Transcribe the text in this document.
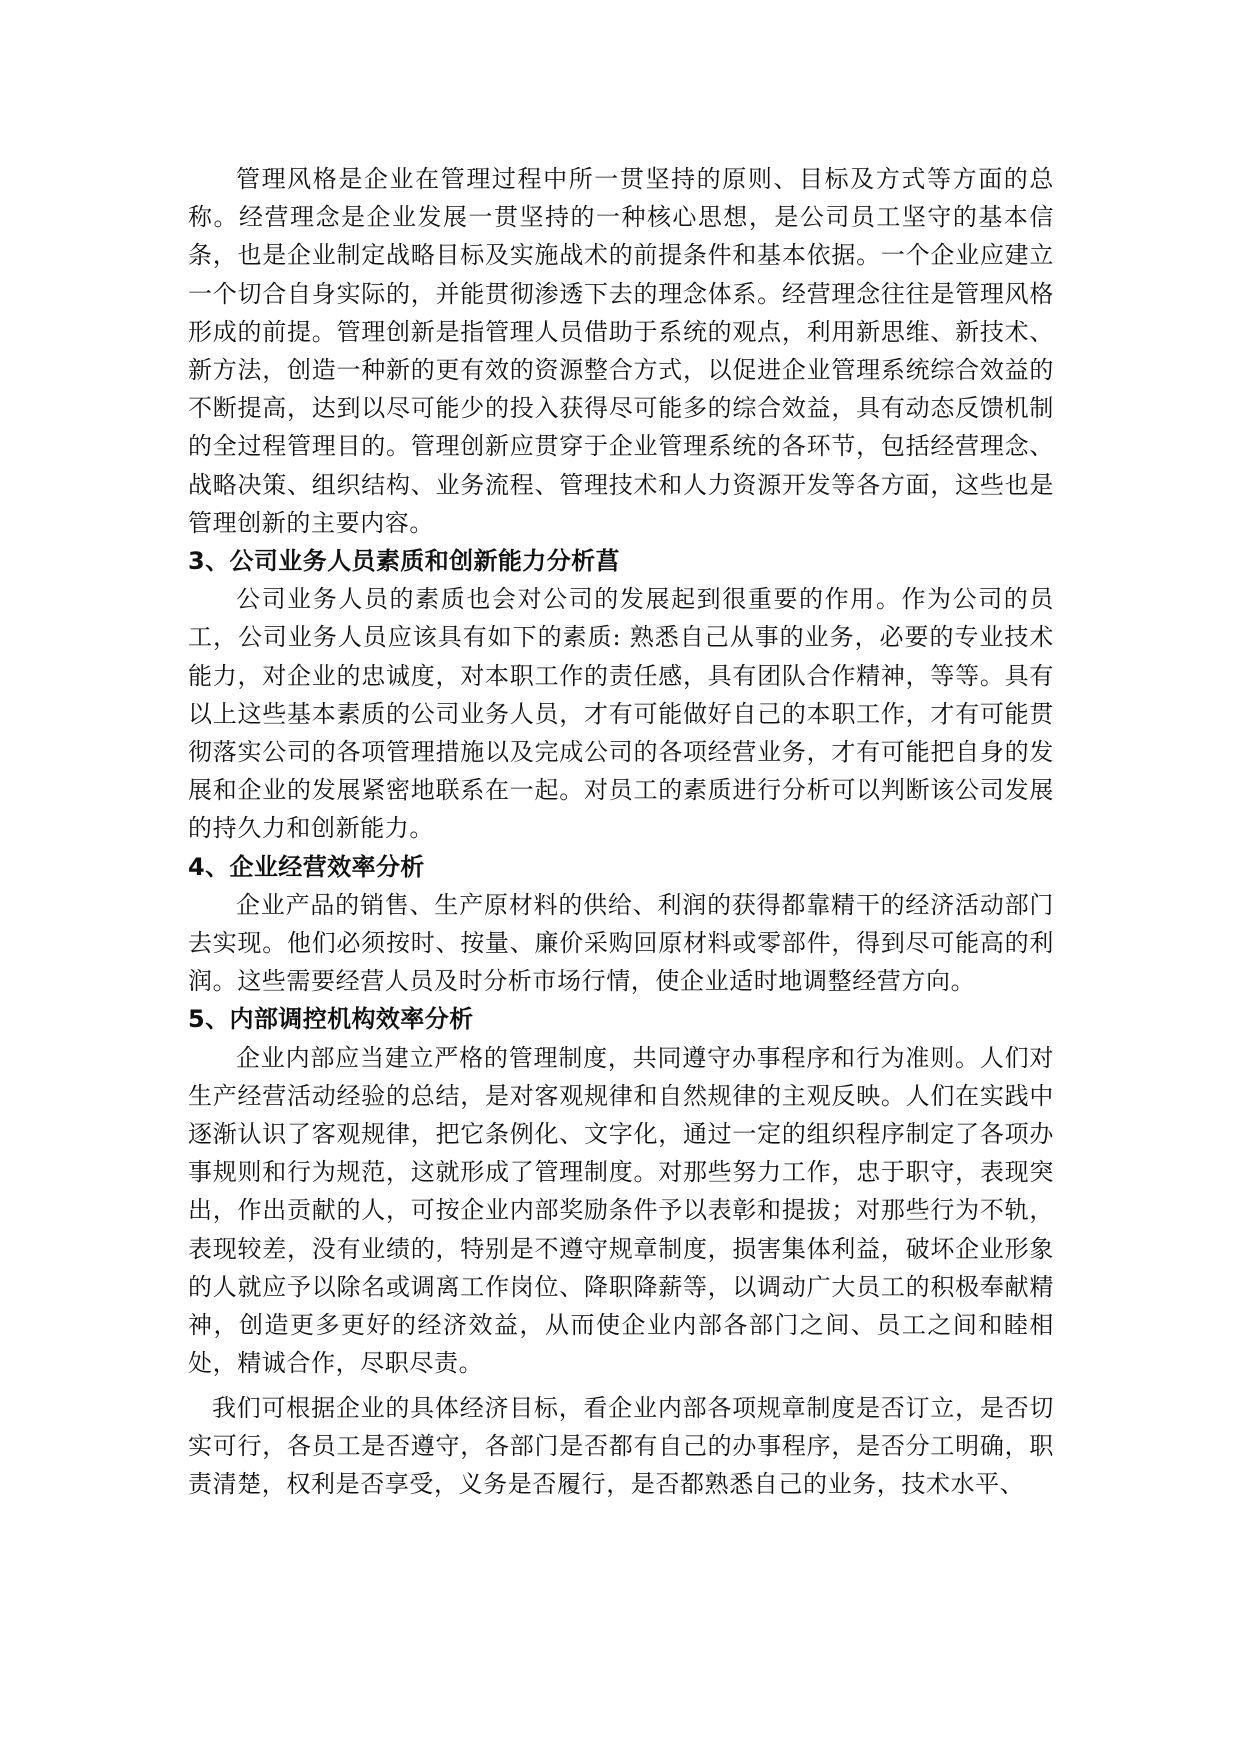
管理风格是企业在管理过程中所一贯坚持的原则、目标及方式等方面的总称。经营理念是企业发展一贯坚持的一种核心思想，是公司员工坚守的基本信条，也是企业制定战略目标及实施战术的前提条件和基本依据。一个企业应建立一个切合自身实际的，并能贯彻渗透下去的理念体系。经营理念往往是管理风格形成的前提。管理创新是指管理人员借助于系统的观点，利用新思维、新技术、新方法，创造一种新的更有效的资源整合方式，以促进企业管理系统综合效益的不断提高，达到以尽可能少的投入获得尽可能多的综合效益，具有动态反馈机制的全过程管理目的。管理创新应贯穿于企业管理系统的各环节，包括经营理念、战略决策、组织结构、业务流程、管理技术和人力资源开发等各方面，这些也是管理创新的主要内容。

3、公司业务人员素质和创新能力分析菖

公司业务人员的素质也会对公司的发展起到很重要的作用。作为公司的员工，公司业务人员应该具有如下的素质: 熟悉自己从事的业务，必要的专业技术能力，对企业的忠诚度，对本职工作的责任感，具有团队合作精神，等等。具有以上这些基本素质的公司业务人员，才有可能做好自己的本职工作，才有可能贯彻落实公司的各项管理措施以及完成公司的各项经营业务，才有可能把自身的发展和企业的发展紧密地联系在一起。对员工的素质进行分析可以判断该公司发展的持久力和创新能力。

4、企业经营效率分析

企业产品的销售、生产原材料的供给、利润的获得都靠精干的经济活动部门去实现。他们必须按时、按量、廉价采购回原材料或零部件，得到尽可能高的利润。这些需要经营人员及时分析市场行情，使企业适时地调整经营方向。

5、内部调控机构效率分析

企业内部应当建立严格的管理制度，共同遵守办事程序和行为准则。人们对生产经营活动经验的总结，是对客观规律和自然规律的主观反映。人们在实践中逐渐认识了客观规律，把它条例化、文字化，通过一定的组织程序制定了各项办事规则和行为规范，这就形成了管理制度。对那些努力工作，忠于职守，表现突出，作出贡献的人，可按企业内部奖励条件予以表彰和提拔；对那些行为不轨，表现较差，没有业绩的，特别是不遵守规章制度，损害集体利益，破坏企业形象的人就应予以除名或调离工作岗位、降职降薪等，以调动广大员工的积极奉献精神，创造更多更好的经济效益，从而使企业内部各部门之间、员工之间和睦相处，精诚合作，尽职尽责。

我们可根据企业的具体经济目标，看企业内部各项规章制度是否订立，是否切实可行，各员工是否遵守，各部门是否都有自己的办事程序，是否分工明确，职责清楚，权利是否享受，义务是否履行，是否都熟悉自己的业务，技术水平、
